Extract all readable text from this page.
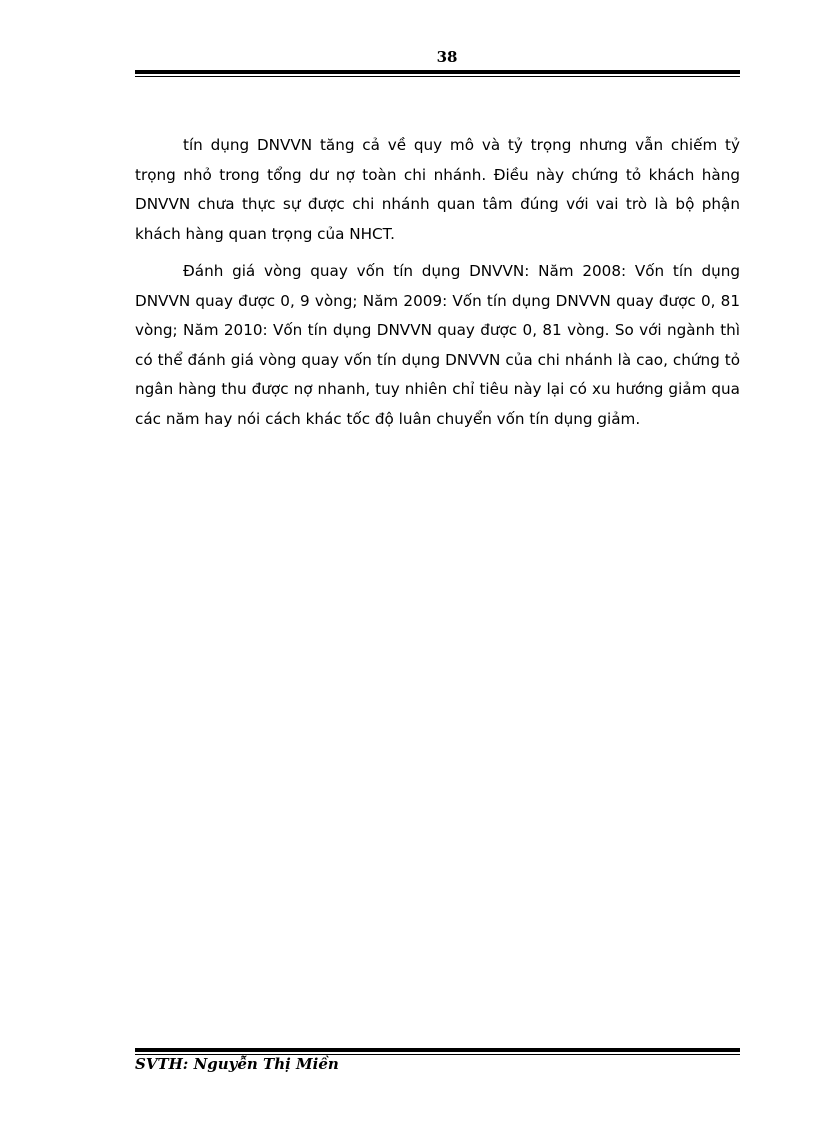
38

tín dụng DNVVN tăng cả về quy mô và tỷ trọng nhưng vẫn chiếm tỷ trọng nhỏ trong tổng dư nợ toàn chi nhánh. Điều này chứng tỏ khách hàng DNVVN chưa thực sự được chi nhánh quan tâm đúng với vai trò là bộ phận khách hàng quan trọng của NHCT.

Đánh giá vòng quay vốn tín dụng DNVVN: Năm 2008: Vốn tín dụng DNVVN quay được 0, 9 vòng; Năm 2009: Vốn tín dụng DNVVN quay được 0, 81 vòng; Năm 2010: Vốn tín dụng DNVVN quay được 0, 81 vòng. So với ngành thì có thể đánh giá vòng quay vốn tín dụng DNVVN của chi nhánh là cao, chứng tỏ ngân hàng thu được nợ nhanh, tuy nhiên chỉ tiêu này lại có xu hướng giảm qua các năm hay nói cách khác tốc độ luân chuyển vốn tín dụng giảm.

SVTH: Nguyễn Thị Miền
